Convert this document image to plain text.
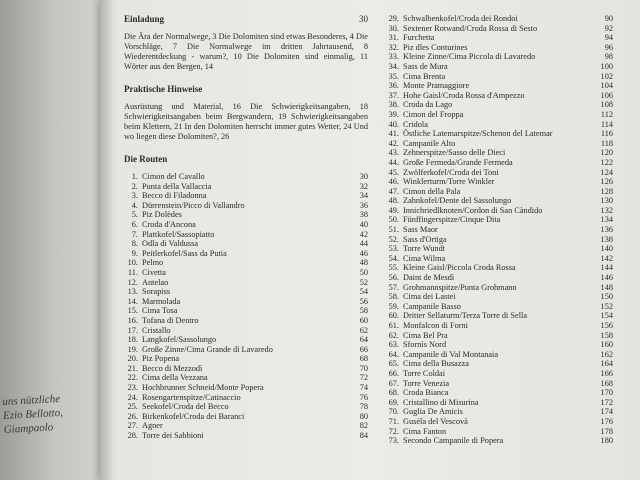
uns nützliche
Ezio Bellotto,
Giampaolo
Einladung	30
Die Ära der Normalwege, 3 Die Dolomiten sind etwas Besonderes, 4 Die Vorschläge, 7 Die Normalwege im dritten Jahrtausend, 8 Wiederentdeckung - warum?, 10 Die Dolomiten sind einmalig, 11 Wörter aus den Bergen, 14
Praktische Hinweise
Ausrüstung und Material, 16 Die Schwierigkeitsangaben, 18 Schwierigkeitsangaben beim Bergwandern, 19 Schwierigkeitsangaben beim Klettern, 21 In den Dolomiten herrscht immer gutes Wetter, 24 Und wo liegen diese Dolomiten?, 26
Die Routen
1. Cimon del Cavallo	30
2. Punta della Vallaccia	32
3. Becco di Filadonna	34
4. Dürrenstein/Picco di Vallandro	36
5. Piz Dolèdes	38
6. Croda d'Ancona	40
7. Plattkofel/Sassopiatto	42
8. Odla di Valdussa	44
9. Peitlerkofel/Sass da Putia	46
10. Pelmo	48
11. Civetta	50
12. Antelao	52
13. Sorapiss	54
14. Marmolada	56
15. Cima Tosa	58
16. Tofana di Dentro	60
17. Cristallo	62
18. Langkofel/Sassolungo	64
19. Große Zinne/Cima Grande di Lavaredo	66
20. Piz Popena	68
21. Becco di Mezzodì	70
22. Cima della Vezzana	72
23. Hochbrunner Schneid/Monte Popera	74
24. Rosengartenspitze/Catinaccio	76
25. Seekofel/Croda del Becco	78
26. Birkenkofel/Croda dei Baranci	80
27. Agner	82
28. Torre dei Sabbioni	84
29. Schwalbenkofel/Croda dei Rondoi	90
30. Sextener Rotwand/Croda Rossa di Sesto	92
31. Furchetta	94
32. Piz dles Conturines	96
33. Kleine Zinne/Cima Piccola di Lavaredo	98
34. Sass de Mura	100
35. Cima Brenta	102
36. Monte Pramaggiore	104
37. Hohe Gaisl/Croda Rossa d'Ampezzo	106
38. Croda da Lago	108
39. Cimon del Froppa	112
40. Cridola	114
41. Östliche Latemarspitze/Schenon del Latemar	116
42. Campanile Alto	118
43. Zehnerspitze/Sasso delle Dieci	120
44. Große Fermeda/Grande Fermeda	122
45. Zwölferkofel/Croda dei Toni	124
46. Winklerturm/Torre Winkler	126
47. Cimon della Pala	128
48. Zahnkofel/Dente del Sassolungo	130
49. Innichriedlknoten/Cordon di San Càndido	132
50. Fünffingerspitze/Cinque Dita	134
51. Sass Maor	136
52. Sass d'Ortiga	138
53. Torre Wundt	140
54. Cima Wilma	142
55. Kleine Gaisl/Piccola Croda Rossa	144
56. Daint de Mesdì	146
57. Grohmannspitze/Punta Grohmann	148
58. Cima dei Lastei	150
59. Campanile Basso	152
60. Dritter Sellaturm/Terza Torre di Sella	154
61. Monfalcon di Forni	156
62. Cima Bel Pra	158
63. Sfornìs Nord	160
64. Campanile di Val Montanaia	162
65. Cima della Busazza	164
66. Torre Coldai	166
67. Torre Venezia	168
68. Croda Bianca	170
69. Cristallino di Misurina	172
70. Guglia De Amicis	174
71. Gusèla del Vescovà	176
72. Cima Fanton	178
73. Secondo Campanile di Popera	180
